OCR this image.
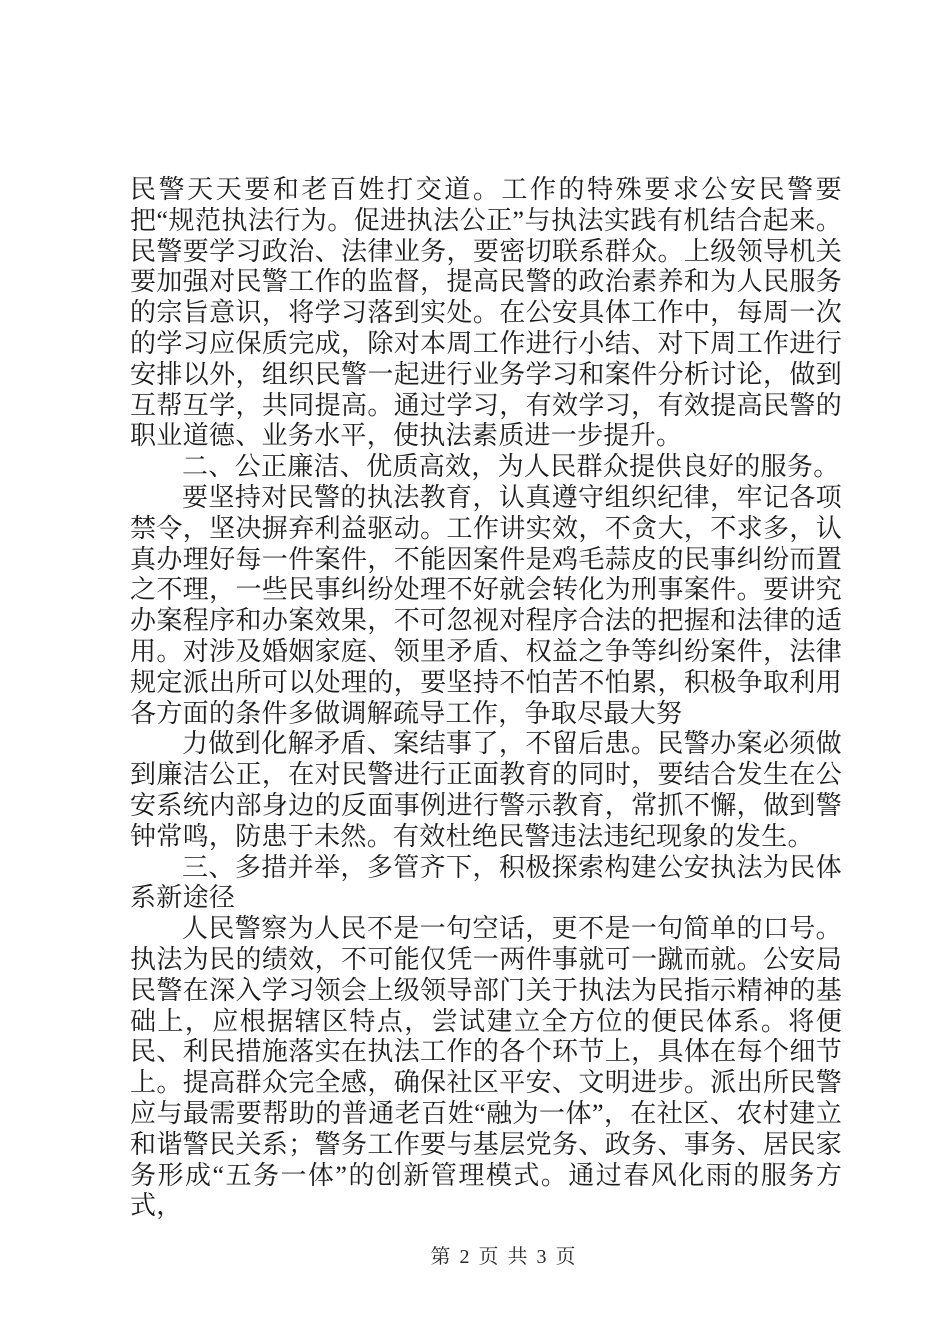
民警天天要和老百姓打交道。工作的特殊要求公安民警要把“规范执法行为。促进执法公正”与执法实践有机结合起来。民警要学习政治、法律业务，要密切联系群众。上级领导机关要加强对民警工作的监督，提高民警的政治素养和为人民服务的宗旨意识，将学习落到实处。在公安具体工作中，每周一次的学习应保质完成，除对本周工作进行小结、对下周工作进行安排以外，组织民警一起进行业务学习和案件分析讨论，做到互帮互学，共同提高。通过学习，有效学习，有效提高民警的职业道德、业务水平，使执法素质进一步提升。

二、公正廉洁、优质高效，为人民群众提供良好的服务。

要坚持对民警的执法教育，认真遵守组织纪律，牢记各项禁令，坚决摒弃利益驱动。工作讲实效，不贪大，不求多，认真办理好每一件案件，不能因案件是鸡毛蒜皮的民事纠纷而置之不理，一些民事纠纷处理不好就会转化为刑事案件。要讲究办案程序和办案效果，不可忽视对程序合法的把握和法律的适用。对涉及婚姻家庭、领里矛盾、权益之争等纠纷案件，法律规定派出所可以处理的，要坚持不怕苦不怕累，积极争取利用各方面的条件多做调解疏导工作，争取尽最大努

力做到化解矛盾、案结事了，不留后患。民警办案必须做到廉洁公正，在对民警进行正面教育的同时，要结合发生在公安系统内部身边的反面事例进行警示教育，常抓不懈，做到警钟常鸣，防患于未然。有效杜绝民警违法违纪现象的发生。

三、多措并举，多管齐下，积极探索构建公安执法为民体系新途径

人民警察为人民不是一句空话，更不是一句简单的口号。执法为民的绩效，不可能仅凭一两件事就可一蹴而就。公安局民警在深入学习领会上级领导部门关于执法为民指示精神的基础上，应根据辖区特点，尝试建立全方位的便民体系。将便民、利民措施落实在执法工作的各个环节上，具体在每个细节上。提高群众完全感，确保社区平安、文明进步。派出所民警应与最需要帮助的普通老百姓“融为一体”，在社区、农村建立和谐警民关系；警务工作要与基层党务、政务、事务、居民家务形成“五务一体”的创新管理模式。通过春风化雨的服务方式，

第 2 页 共 3 页
